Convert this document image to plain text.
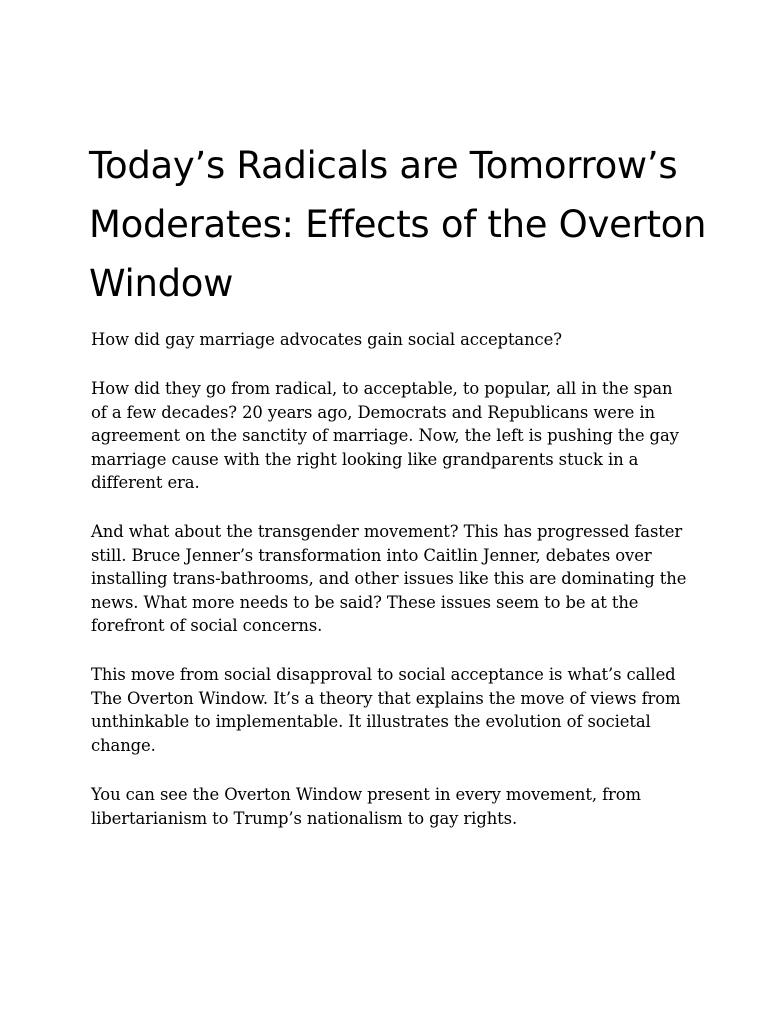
Today’s Radicals are Tomorrow’s Moderates: Effects of the Overton Window

How did gay marriage advocates gain social acceptance?

How did they go from radical, to acceptable, to popular, all in the span of a few decades? 20 years ago, Democrats and Republicans were in agreement on the sanctity of marriage. Now, the left is pushing the gay marriage cause with the right looking like grandparents stuck in a different era.

And what about the transgender movement? This has progressed faster still. Bruce Jenner’s transformation into Caitlin Jenner, debates over installing trans-bathrooms, and other issues like this are dominating the news. What more needs to be said? These issues seem to be at the forefront of social concerns.

This move from social disapproval to social acceptance is what’s called The Overton Window. It’s a theory that explains the move of views from unthinkable to implementable. It illustrates the evolution of societal change.

You can see the Overton Window present in every movement, from libertarianism to Trump’s nationalism to gay rights.
